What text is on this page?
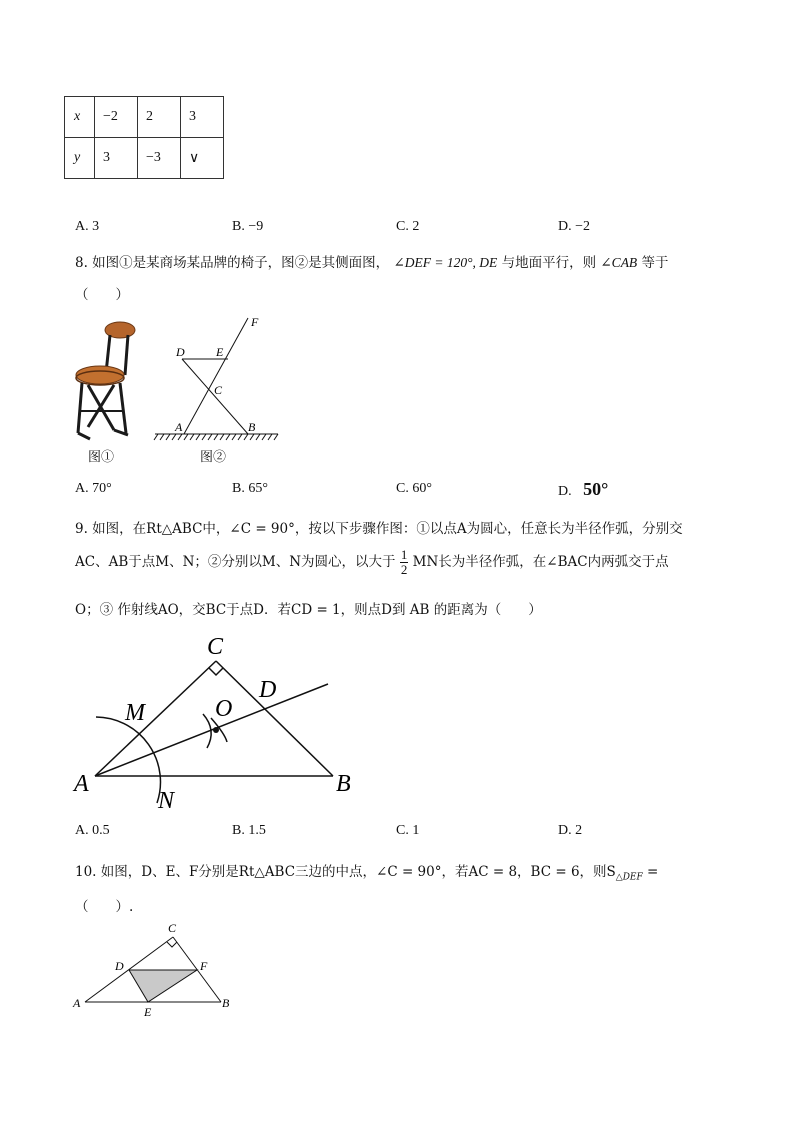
x	−2	2	3
y	3	−3	∨
A. 3	B. −9	C. 2	D. −2
8. 如图①是某商场某品牌的椅子，图②是其侧面图， ∠DEF = 120°, DE 与地面平行，则 ∠CAB 等于
（　　）
图①
D	E
F
C
A	B
图②
A. 70°	B. 65°	C. 60°	D. 50°
9. 如图，在Rt△ABC中，∠C = 90°，按以下步骤作图：①以点A为圆心，任意长为半径作弧，分别交
AC、AB于点M、N；②分别以M、N为圆心，以大于 $\frac{1}{2}$ MN长为半径作弧，在∠BAC内两弧交于点
O；③ 作射线AO，交BC于点D．若CD = 1，则点D到 AB 的距离为（　　）
C
M	O
D
A
N
B
A. 0.5	B. 1.5	C. 1	D. 2
10. 如图，D、E、F分别是Rt△ABC三边的中点，∠C = 90°，若AC = 8，BC = 6，则$S_{\triangle DEF}$ =
（　　）.
C
D	F
A
E
B
